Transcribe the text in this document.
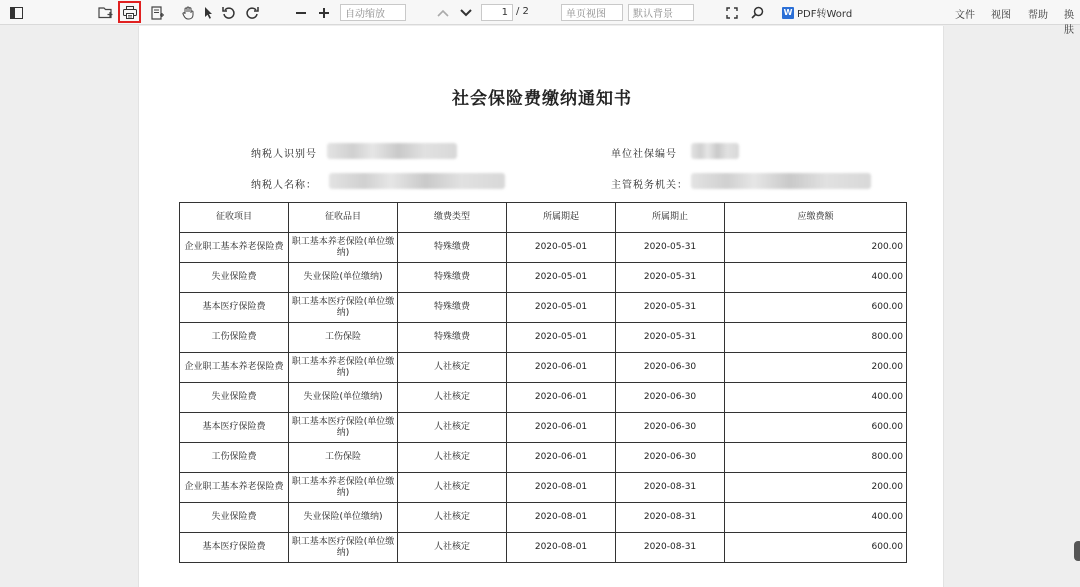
自动缩放	1 / 2	单页视图	默认背景	W PDF转Word	文件 视图 帮助 换肤
社会保险费缴纳通知书
纳税人识别号	单位社保编号
纳税人名称：	主管税务机关：
征收项目	征收品目	缴费类型	所属期起	所属期止	应缴费额
企业职工基本养老保险费	职工基本养老保险(单位缴纳)	特殊缴费	2020-05-01	2020-05-31	200.00
失业保险费	失业保险(单位缴纳)	特殊缴费	2020-05-01	2020-05-31	400.00
基本医疗保险费	职工基本医疗保险(单位缴纳)	特殊缴费	2020-05-01	2020-05-31	600.00
工伤保险费	工伤保险	特殊缴费	2020-05-01	2020-05-31	800.00
企业职工基本养老保险费	职工基本养老保险(单位缴纳)	人社核定	2020-06-01	2020-06-30	200.00
失业保险费	失业保险(单位缴纳)	人社核定	2020-06-01	2020-06-30	400.00
基本医疗保险费	职工基本医疗保险(单位缴纳)	人社核定	2020-06-01	2020-06-30	600.00
工伤保险费	工伤保险	人社核定	2020-06-01	2020-06-30	800.00
企业职工基本养老保险费	职工基本养老保险(单位缴纳)	人社核定	2020-08-01	2020-08-31	200.00
失业保险费	失业保险(单位缴纳)	人社核定	2020-08-01	2020-08-31	400.00
基本医疗保险费	职工基本医疗保险(单位缴纳)	人社核定	2020-08-01	2020-08-31	600.00
